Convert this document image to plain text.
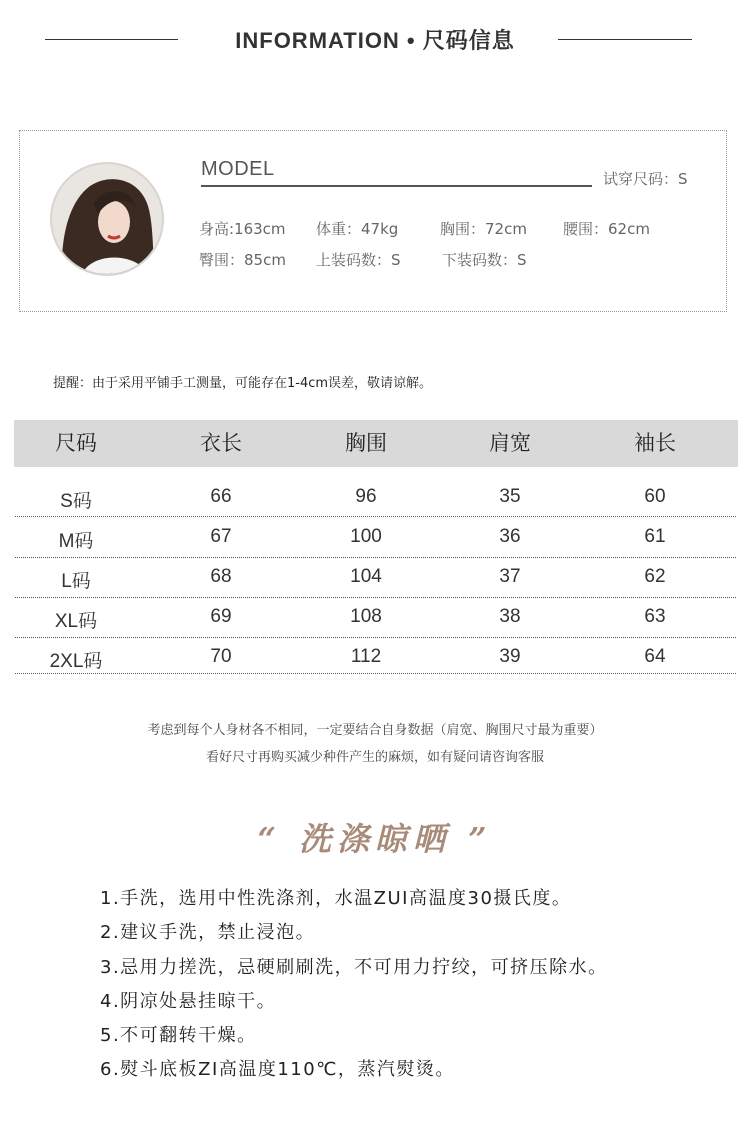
INFORMATION • 尺码信息
MODEL	试穿尺码：S
身高:163cm 体重：47kg	胸围：72cm 腰围：62cm
臀围：85cm 上装码数：S	下装码数：S
提醒：由于采用平铺手工测量，可能存在1-4cm误差，敬请谅解。
尺码	衣长	胸围	肩宽	袖长
S码	66	96	35	60
M码	67	100	36	61
L码	68	104	37	62
XL码	69	108	38	63
2XL码	70	112	39	64
考虑到每个人身材各不相同，一定要结合自身数据（肩宽、胸围尺寸最为重要）
看好尺寸再购买减少种件产生的麻烦，如有疑问请咨询客服
“ 洗涤晾晒 ”
1.手洗，选用中性洗涤剂，水温ZUI高温度30摄氏度。
2.建议手洗，禁止浸泡。
3.忌用力搓洗，忌硬刷刷洗，不可用力拧绞，可挤压除水。
4.阴凉处悬挂晾干。
5.不可翻转干燥。
6.熨斗底板ZI高温度110℃，蒸汽熨烫。
